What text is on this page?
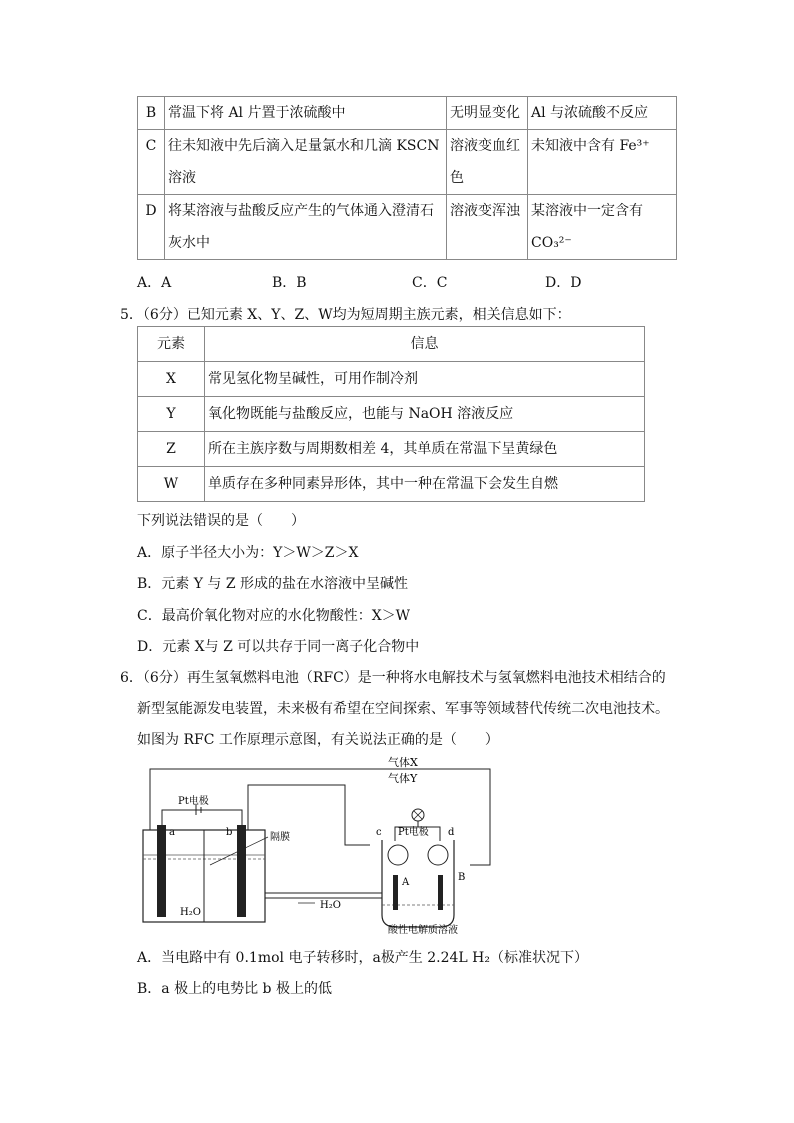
B	常温下将 Al 片置于浓硫酸中	无明显变化	Al 与浓硫酸不反应
C	往未知液中先后滴入足量氯水和几滴 KSCN 溶液	溶液变血红色	未知液中含有 Fe³⁺
D	将某溶液与盐酸反应产生的气体通入澄清石灰水中	溶液变浑浊	某溶液中一定含有 CO₃²⁻
A．A	B．B	C．C	D．D
5．（6分）已知元素 X、Y、Z、W均为短周期主族元素，相关信息如下：
元素	信息
X	常见氢化物呈碱性，可用作制冷剂
Y	氧化物既能与盐酸反应，也能与 NaOH 溶液反应
Z	所在主族序数与周期数相差 4，其单质在常温下呈黄绿色
W	单质存在多种同素异形体，其中一种在常温下会发生自燃
下列说法错误的是（　　）
A．原子半径大小为：Y＞W＞Z＞X
B．元素 Y 与 Z 形成的盐在水溶液中呈碱性
C．最高价氧化物对应的水化物酸性：X＞W
D．元素 X与 Z 可以共存于同一离子化合物中
6．（6分）再生氢氧燃料电池（RFC）是一种将水电解技术与氢氧燃料电池技术相结合的
新型氢能源发电装置，未来极有希望在空间探索、军事等领域替代传统二次电池技术。
如图为 RFC 工作原理示意图，有关说法正确的是（　　）
气体X
气体Y
a	b
Pt电极
H₂O
隔膜
H₂O
Pt电极
c	d
A	B
酸性电解质溶液
A．当电路中有 0.1mol 电子转移时，a极产生 2.24L H₂（标准状况下）
B．a 极上的电势比 b 极上的低
